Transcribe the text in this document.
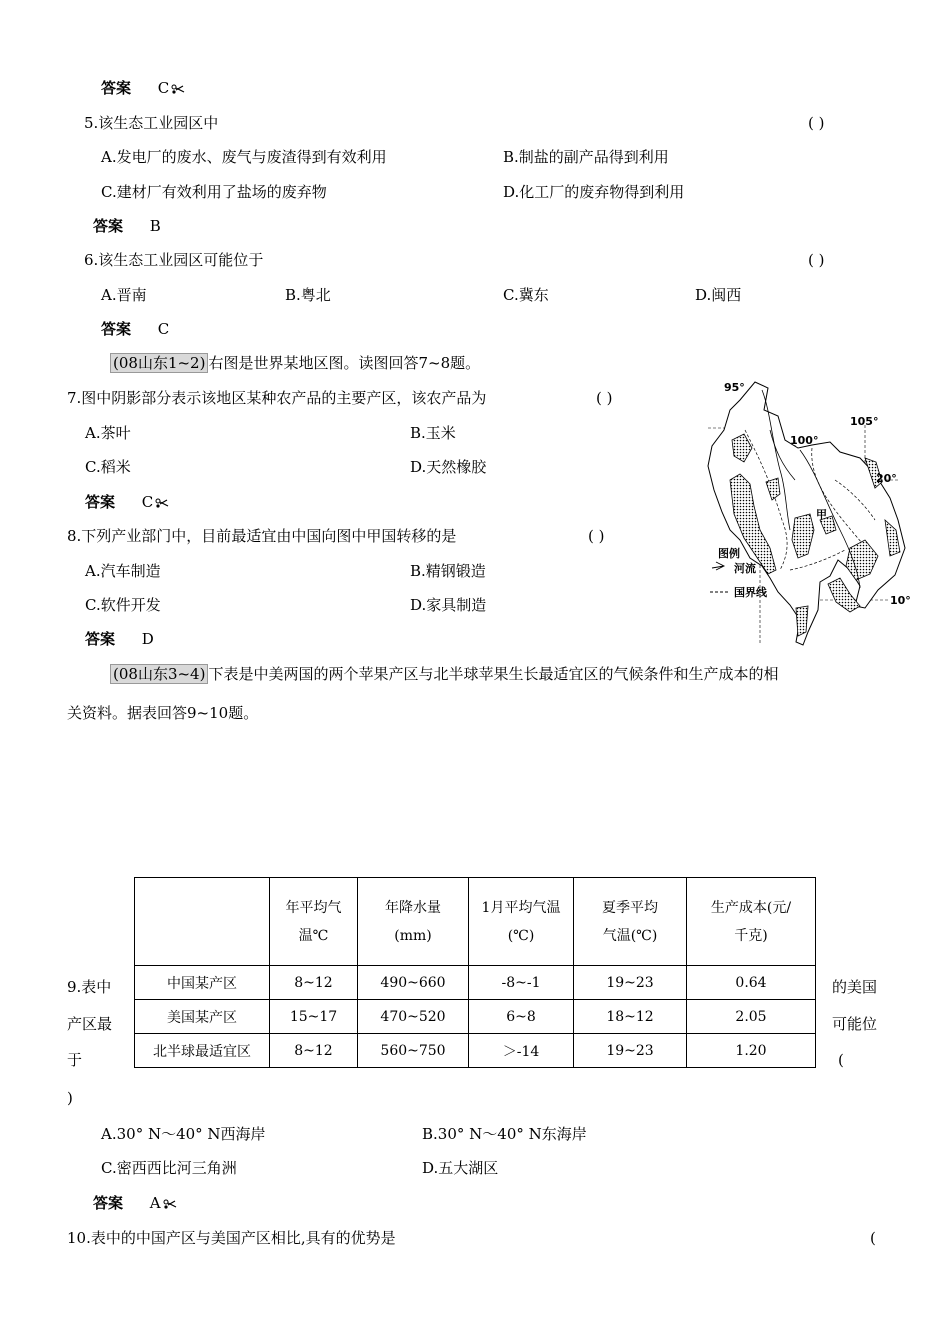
答案 C
5.该生态工业园区中	( )
A.发电厂的废水、废气与废渣得到有效利用	B.制盐的副产品得到利用
C.建材厂有效利用了盐场的废弃物	D.化工厂的废弃物得到利用
答案 B
6.该生态工业园区可能位于	( )
A.晋南	B.粤北	C.冀东	D.闽西
答案 C
(08山东1~2) 右图是世界某地区图。读图回答7~8题。
7.图中阴影部分表示该地区某种农产品的主要产区，该农产品为	( )
A.茶叶	B.玉米
C.稻米	D.天然橡胶
答案 C
8.下列产业部门中，目前最适宜由中国向图中甲国转移的是	( )
A.汽车制造	B.精钢锻造
C.软件开发	D.家具制造
答案 D
95°
100°
105°
20°
10°
甲
图例
河流
国界线
(08山东3~4) 下表是中美两国的两个苹果产区与北半球苹果生长最适宜区的气候条件和生产成本的相
关资料。据表回答9~10题。

	年平均气温℃	年降水量(mm)	1月平均气温(℃)	夏季平均气温(℃)	生产成本(元/千克)

中国某产区	8~12	490~660	-8~-1	19~23	0.64
美国某产区	15~17	470~520	6~8	18~12	2.05
北半球最适宜区	8~12	560~750	＞-14	19~23	1.20
9.表中
产区最
于
的美国
可能位
(
)
A.30° N～40° N西海岸	B.30° N～40° N东海岸
C.密西西比河三角洲	D.五大湖区
答案 A
10.表中的中国产区与美国产区相比,具有的优势是	(
